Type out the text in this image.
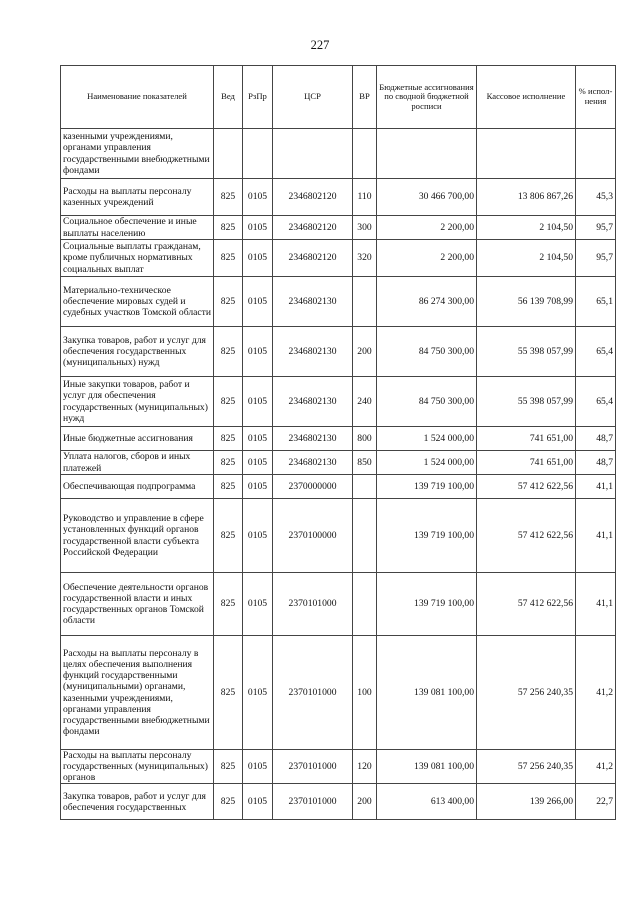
227
Наименование показателей	Вед	РзПр	ЦСР	ВР	Бюджетные ассигнования по сводной бюджетной росписи	Кассовое исполнение	% испол-нения
казенными учреждениями, органами управления государственными внебюджетными фондами							
Расходы на выплаты персоналу казенных учреждений	825	0105	2346802120	110	30 466 700,00	13 806 867,26	45,3
Социальное обеспечение и иные выплаты населению	825	0105	2346802120	300	2 200,00	2 104,50	95,7
Социальные выплаты гражданам, кроме публичных нормативных социальных выплат	825	0105	2346802120	320	2 200,00	2 104,50	95,7
Материально-техническое обеспечение мировых судей и судебных участков Томской области	825	0105	2346802130		86 274 300,00	56 139 708,99	65,1
Закупка товаров, работ и услуг для обеспечения государственных (муниципальных) нужд	825	0105	2346802130	200	84 750 300,00	55 398 057,99	65,4
Иные закупки товаров, работ и услуг для обеспечения государственных (муниципальных) нужд	825	0105	2346802130	240	84 750 300,00	55 398 057,99	65,4
Иные бюджетные ассигнования	825	0105	2346802130	800	1 524 000,00	741 651,00	48,7
Уплата налогов, сборов и иных платежей	825	0105	2346802130	850	1 524 000,00	741 651,00	48,7
Обеспечивающая подпрограмма	825	0105	2370000000		139 719 100,00	57 412 622,56	41,1
Руководство и управление в сфере установленных функций органов государственной власти субъекта Российской Федерации	825	0105	2370100000		139 719 100,00	57 412 622,56	41,1
Обеспечение деятельности органов государственной власти и иных государственных органов Томской области	825	0105	2370101000		139 719 100,00	57 412 622,56	41,1
Расходы на выплаты персоналу в целях обеспечения выполнения функций государственными (муниципальными) органами, казенными учреждениями, органами управления государственными внебюджетными фондами	825	0105	2370101000	100	139 081 100,00	57 256 240,35	41,2
Расходы на выплаты персоналу государственных (муниципальных) органов	825	0105	2370101000	120	139 081 100,00	57 256 240,35	41,2
Закупка товаров, работ и услуг для обеспечения государственных	825	0105	2370101000	200	613 400,00	139 266,00	22,7
